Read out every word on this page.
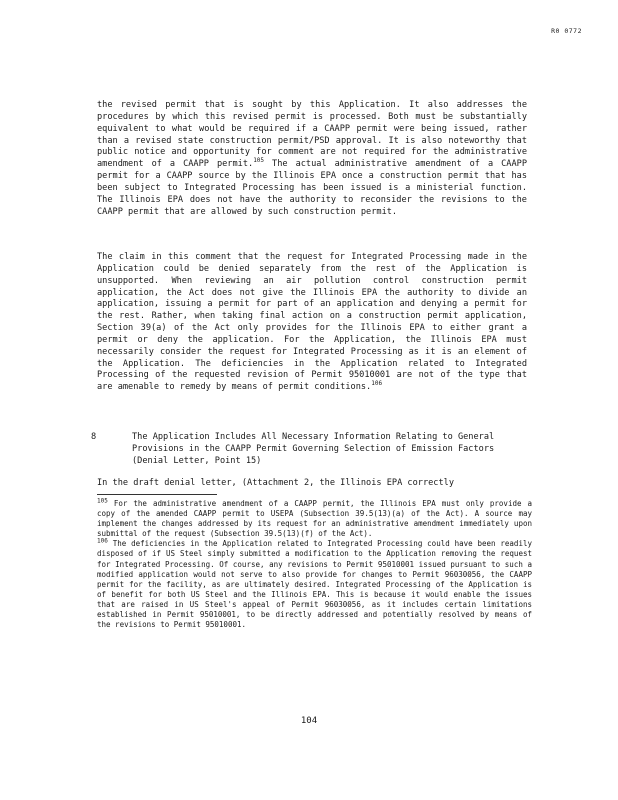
R0 0772

the revised permit that is sought by this Application. It also addresses the procedures by which this revised permit is processed. Both must be substantially equivalent to what would be required if a CAAPP permit were being issued, rather than a revised state construction permit/PSD approval. It is also noteworthy that public notice and opportunity for comment are not required for the administrative amendment of a CAAPP permit.$^{105}$ The actual administrative amendment of a CAAPP permit for a CAAPP source by the Illinois EPA once a construction permit that has been subject to Integrated Processing has been issued is a ministerial function. The Illinois EPA does not have the authority to reconsider the revisions to the CAAPP permit that are allowed by such construction permit.

The claim in this comment that the request for Integrated Processing made in the Application could be denied separately from the rest of the Application is unsupported. When reviewing an air pollution control construction permit application, the Act does not give the Illinois EPA the authority to divide an application, issuing a permit for part of an application and denying a permit for the rest. Rather, when taking final action on a construction permit application, Section 39(a) of the Act only provides for the Illinois EPA to either grant a permit or deny the application. For the Application, the Illinois EPA must necessarily consider the request for Integrated Processing as it is an element of the Application. The deficiencies in the Application related to Integrated Processing of the requested revision of Permit 95010001 are not of the type that are amenable to remedy by means of permit conditions.$^{106}$

8	The Application Includes All Necessary Information Relating to General Provisions in the CAAPP Permit Governing Selection of Emission Factors (Denial Letter, Point 15)

In the draft denial letter, (Attachment 2, the Illinois EPA correctly

$^{105}$ For the administrative amendment of a CAAPP permit, the Illinois EPA must only provide a copy of the amended CAAPP permit to USEPA (Subsection 39.5(13)(a) of the Act). A source may implement the changes addressed by its request for an administrative amendment immediately upon submittal of the request (Subsection 39.5(13)(f) of the Act).

$^{106}$ The deficiencies in the Application related to Integrated Processing could have been readily disposed of if US Steel simply submitted a modification to the Application removing the request for Integrated Processing. Of course, any revisions to Permit 95010001 issued pursuant to such a modified application would not serve to also provide for changes to Permit 96030056, the CAAPP permit for the facility, as are ultimately desired. Integrated Processing of the Application is of benefit for both US Steel and the Illinois EPA. This is because it would enable the issues that are raised in US Steel's appeal of Permit 96030056, as it includes certain limitations established in Permit 95010001, to be directly addressed and potentially resolved by means of the revisions to Permit 95010001.

104
